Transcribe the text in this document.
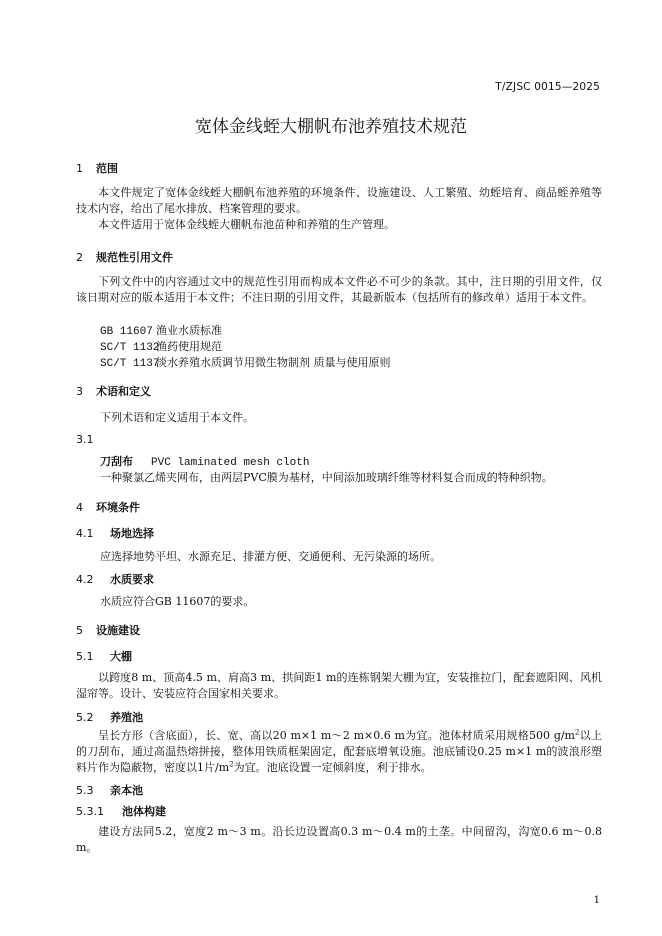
T/ZJSC 0015—2025
宽体金线蛭大棚帆布池养殖技术规范
1 范围

本文件规定了宽体金线蛭大棚帆布池养殖的环境条件、设施建设、人工繁殖、幼蛭培育、商品蛭养殖等技术内容，给出了尾水排放、档案管理的要求。

本文件适用于宽体金线蛭大棚帆布池苗种和养殖的生产管理。

2 规范性引用文件

下列文件中的内容通过文中的规范性引用而构成本文件必不可少的条款。其中，注日期的引用文件，仅该日期对应的版本适用于本文件；不注日期的引用文件，其最新版本（包括所有的修改单）适用于本文件。

GB 11607 渔业水质标准
SC/T 1132渔药使用规范
SC/T 1137淡水养殖水质调节用微生物制剂 质量与使用原则
3 术语和定义
下列术语和定义适用于本文件。
3.1
刀刮布 PVC laminated mesh cloth
一种聚氯乙烯夹网布，由两层PVC膜为基材，中间添加玻璃纤维等材料复合而成的特种织物。
4 环境条件
4.1 场地选择
应选择地势平坦、水源充足、排灌方便、交通便利、无污染源的场所。
4.2 水质要求
水质应符合GB 11607的要求。
5 设施建设
5.1 大棚

以跨度8 m、顶高4.5 m、肩高3 m、拱间距1 m的连栋钢架大棚为宜，安装推拉门，配套遮阳网、风机湿帘等。设计、安装应符合国家相关要求。

5.2 养殖池

呈长方形（含底面），长、宽、高以20 m×1 m～2 m×0.6 m为宜。池体材质采用规格500 $g/m^2$以上的刀刮布，通过高温热熔拼接，整体用铁质框架固定，配套底增氧设施。池底铺设0.25 m×1 m的波浪形塑料片作为隐蔽物，密度以1片$/m^2$为宜。池底设置一定倾斜度，利于排水。

5.3 亲本池
5.3.1 池体构建

建设方法同5.2，宽度2 m～3 m。沿长边设置高0.3 m～0.4 m的土垄。中间留沟，沟宽0.6 m～0.8 m。

1
